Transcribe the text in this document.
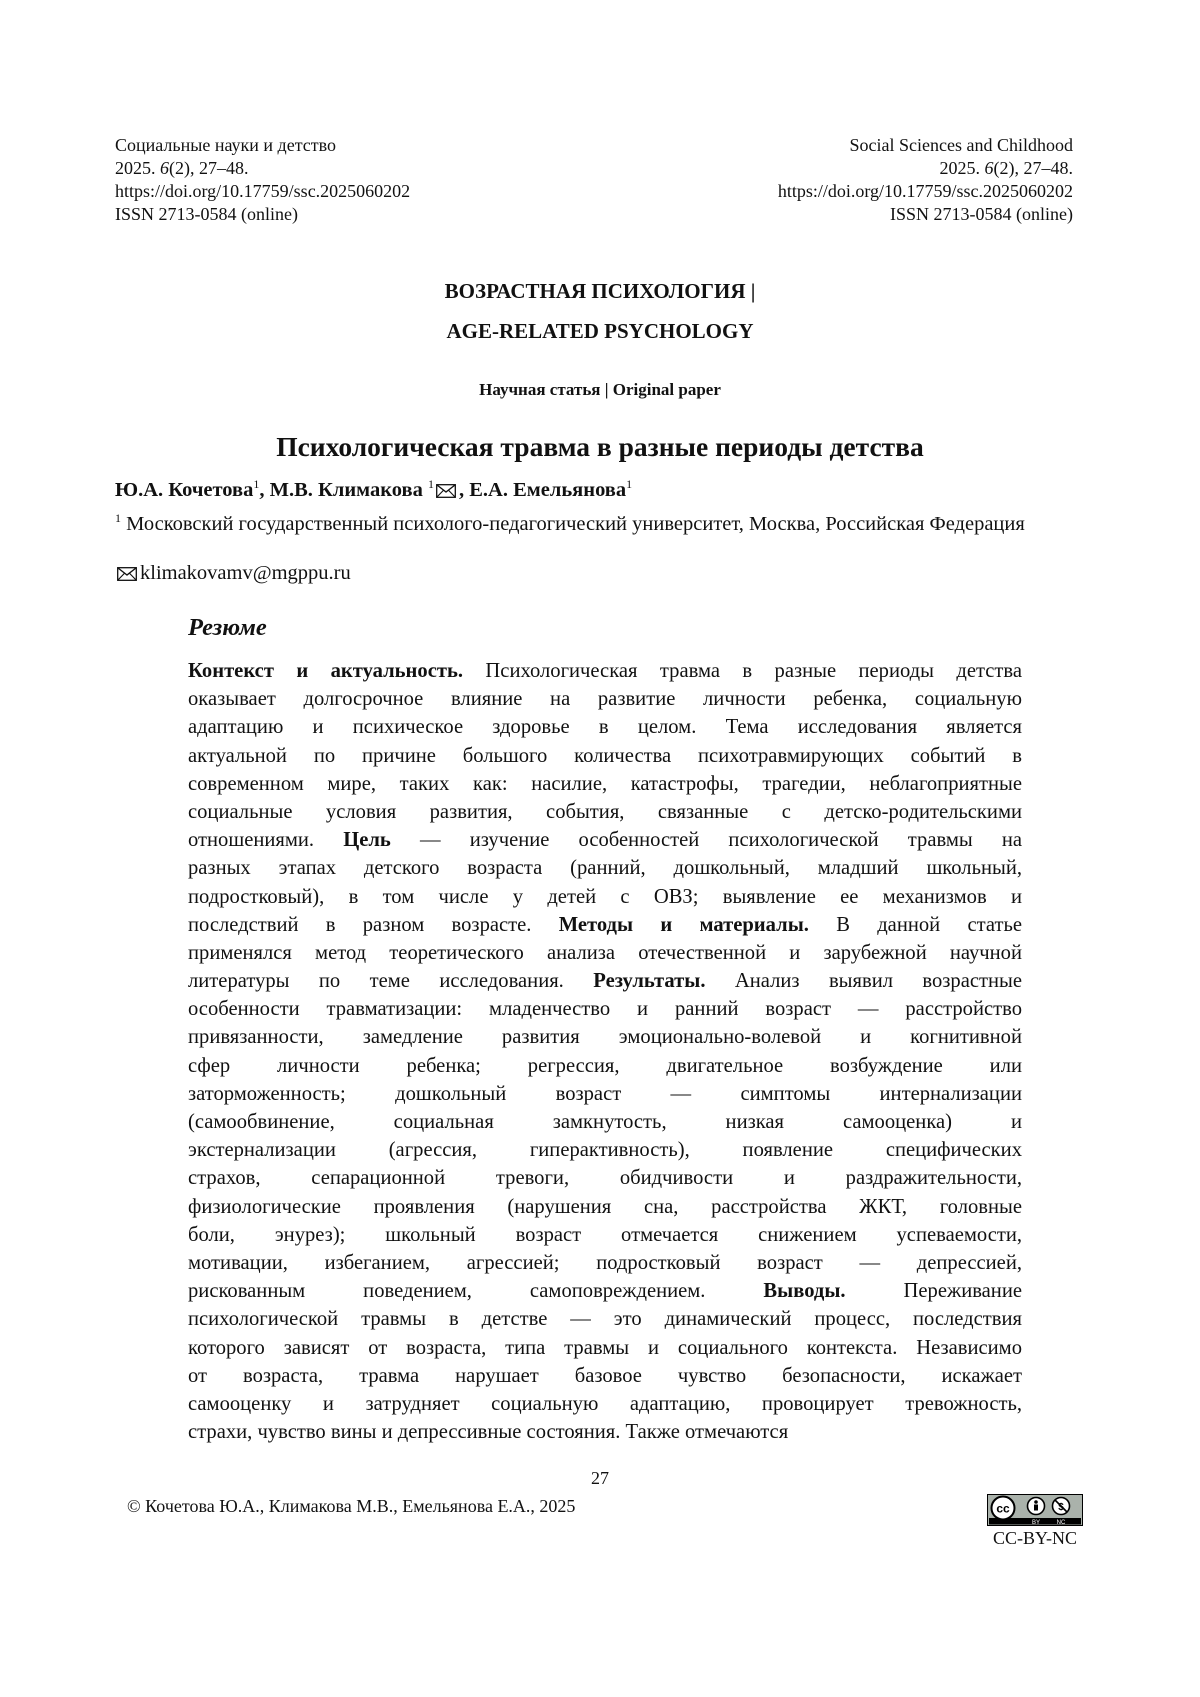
Социальные науки и детство
2025. 6(2), 27–48.
https://doi.org/10.17759/ssc.2025060202
ISSN 2713-0584 (online)
Social Sciences and Childhood
2025. 6(2), 27–48.
https://doi.org/10.17759/ssc.2025060202
ISSN 2713-0584 (online)
ВОЗРАСТНАЯ ПСИХОЛОГИЯ |
AGE-RELATED PSYCHOLOGY
Научная статья | Original paper
Психологическая травма в разные периоды детства
Ю.А. Кочетова1, М.В. Климакова 1 , Е.А. Емельянова1
1 Московский государственный психолого-педагогический университет, Москва, Российская Федерация
klimakovamv@mgppu.ru
Резюме
Контекст и актуальность. Психологическая травма в разные периоды детства
оказывает долгосрочное влияние на развитие личности ребенка, социальную
адаптацию и психическое здоровье в целом. Тема исследования является
актуальной по причине большого количества психотравмирующих событий в
современном мире, таких как: насилие, катастрофы, трагедии, неблагоприятные
социальные условия развития, события, связанные с детско-родительскими
отношениями. Цель — изучение особенностей психологической травмы на
разных этапах детского возраста (ранний, дошкольный, младший школьный,
подростковый), в том числе у детей с ОВЗ; выявление ее механизмов и
последствий в разном возрасте. Методы и материалы. В данной статье
применялся метод теоретического анализа отечественной и зарубежной научной
литературы по теме исследования. Результаты. Анализ выявил возрастные
особенности травматизации: младенчество и ранний возраст — расстройство
привязанности, замедление развития эмоционально-волевой и когнитивной
сфер личности ребенка; регрессия, двигательное возбуждение или
заторможенность; дошкольный возраст — симптомы интернализации
(самообвинение, социальная замкнутость, низкая самооценка) и
экстернализации (агрессия, гиперактивность), появление специфических
страхов, сепарационной тревоги, обидчивости и раздражительности,
физиологические проявления (нарушения сна, расстройства ЖКТ, головные
боли, энурез); школьный возраст отмечается снижением успеваемости,
мотивации, избеганием, агрессией; подростковый возраст — депрессией,
рискованным поведением, самоповреждением.	Выводы. Переживание
психологической травмы в детстве — это динамический процесс, последствия
которого зависят от возраста, типа травмы и социального контекста. Независимо
от возраста, травма нарушает базовое чувство безопасности, искажает
самооценку и затрудняет социальную адаптацию, провоцирует тревожность,
страхи, чувство вины и депрессивные состояния. Также отмечаются
27
© Кочетова Ю.А., Климакова М.В., Емельянова Е.А., 2025	cc	$
BY	NC
CC-BY-NC
